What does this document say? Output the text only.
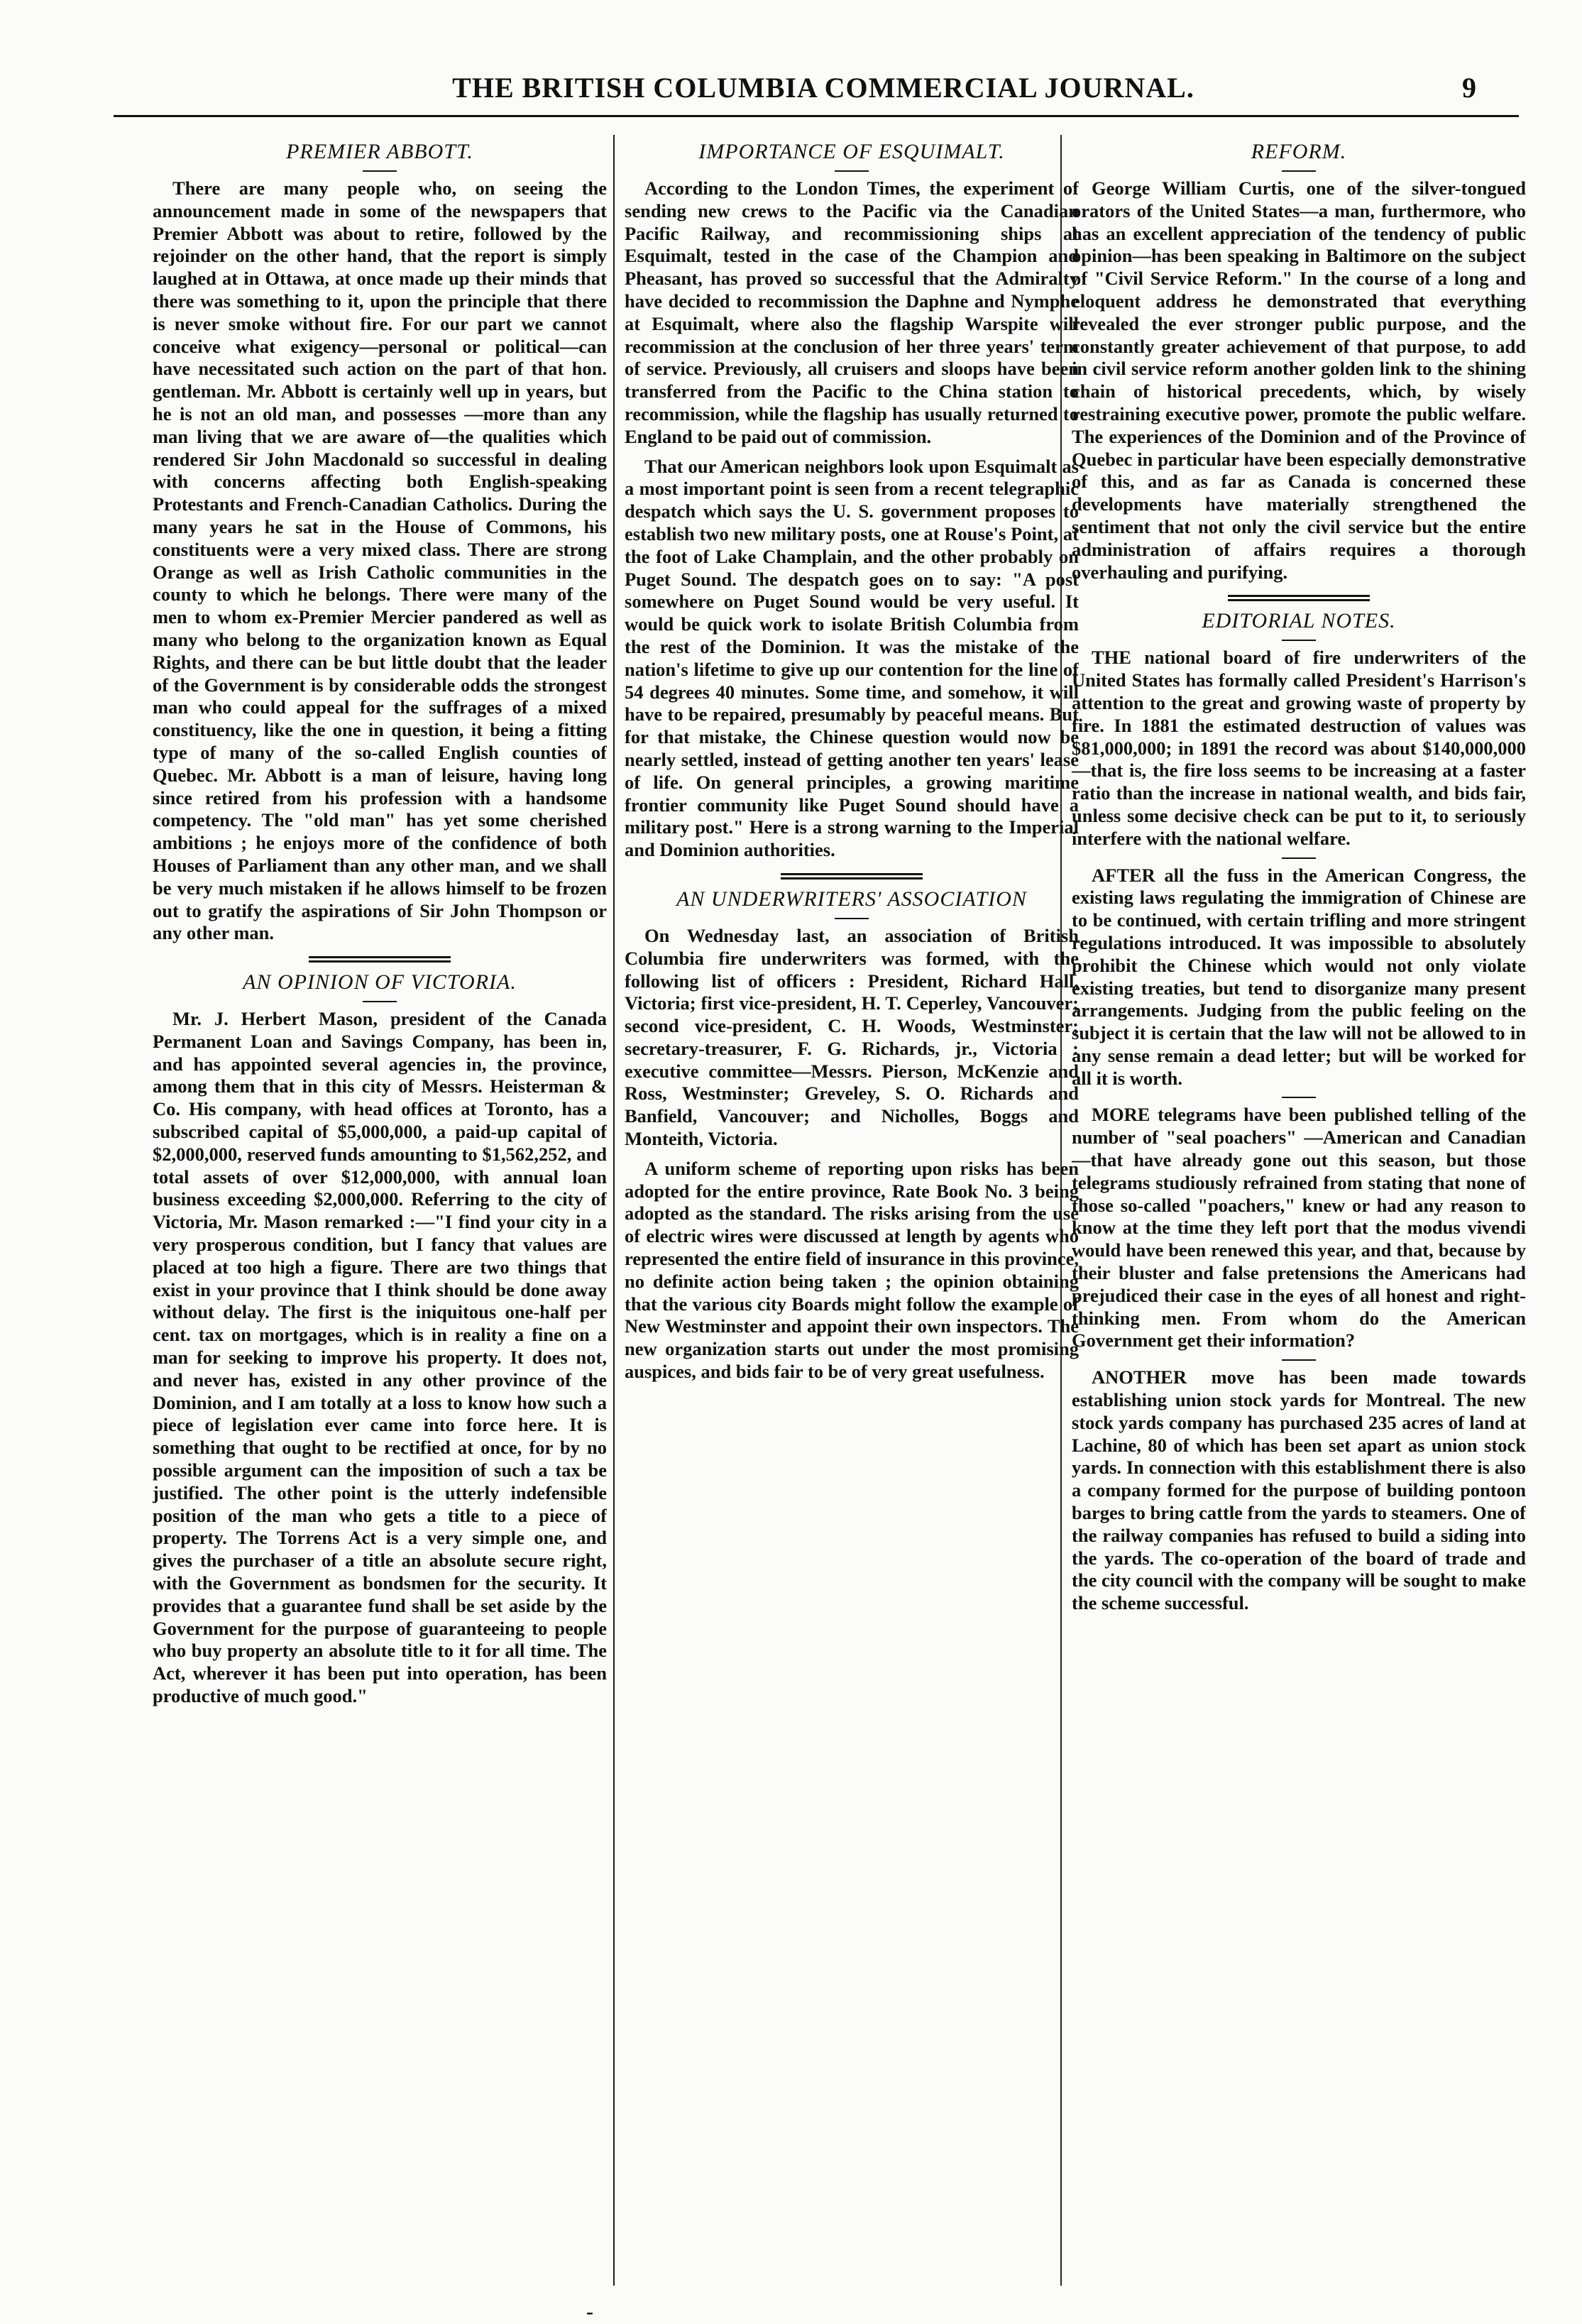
THE BRITISH COLUMBIA COMMERCIAL JOURNAL.	9
PREMIER ABBOTT.

There are many people who, on seeing the announcement made in some of the newspapers that Premier Abbott was about to retire, followed by the rejoinder on the other hand, that the report is simply laughed at in Ottawa, at once made up their minds that there was something to it, upon the principle that there is never smoke without fire. For our part we cannot conceive what exigency—personal or political—can have necessitated such action on the part of that hon. gentleman. Mr. Abbott is certainly well up in years, but he is not an old man, and possesses —more than any man living that we are aware of—the qualities which rendered Sir John Macdonald so successful in dealing with concerns affecting both English-speaking Protestants and French-Canadian Catholics. During the many years he sat in the House of Commons, his constituents were a very mixed class. There are strong Orange as well as Irish Catholic communities in the county to which he belongs. There were many of the men to whom ex-Premier Mercier pandered as well as many who belong to the organization known as Equal Rights, and there can be but little doubt that the leader of the Government is by considerable odds the strongest man who could appeal for the suffrages of a mixed constituency, like the one in question, it being a fitting type of many of the so-called English counties of Quebec. Mr. Abbott is a man of leisure, having long since retired from his profession with a handsome competency. The "old man" has yet some cherished ambitions ; he enjoys more of the confidence of both Houses of Parliament than any other man, and we shall be very much mistaken if he allows himself to be frozen out to gratify the aspirations of Sir John Thompson or any other man.

AN OPINION OF VICTORIA.

Mr. J. Herbert Mason, president of the Canada Permanent Loan and Savings Company, has been in, and has appointed several agencies in, the province, among them that in this city of Messrs. Heisterman & Co. His company, with head offices at Toronto, has a subscribed capital of $5,000,000, a paid-up capital of $2,000,000, reserved funds amounting to $1,562,252, and total assets of over $12,000,000, with annual loan business exceeding $2,000,000. Referring to the city of Victoria, Mr. Mason remarked :—"I find your city in a very prosperous condition, but I fancy that values are placed at too high a figure. There are two things that exist in your province that I think should be done away without delay. The first is the iniquitous one-half per cent. tax on mortgages, which is in reality a fine on a man for seeking to improve his property. It does not, and never has, existed in any other province of the Dominion, and I am totally at a loss to know how such a piece of legislation ever came into force here. It is something that ought to be rectified at once, for by no possible argument can the imposition of such a tax be justified. The other point is the utterly indefensible position of the man who gets a title to a piece of property. The Torrens Act is a very simple one, and gives the purchaser of a title an absolute secure right, with the Government as bondsmen for the security. It provides that a guarantee fund shall be set aside by the Government for the purpose of guaranteeing to people who buy property an absolute title to it for all time. The Act, wherever it has been put into operation, has been productive of much good."

IMPORTANCE OF ESQUIMALT.

According to the London Times, the experiment of sending new crews to the Pacific via the Canadian Pacific Railway, and recommissioning ships at Esquimalt, tested in the case of the Champion and Pheasant, has proved so successful that the Admiralty have decided to recommission the Daphne and Nymphe at Esquimalt, where also the flagship Warspite will recommission at the conclusion of her three years' term of service. Previously, all cruisers and sloops have been transferred from the Pacific to the China station to recommission, while the flagship has usually returned to England to be paid out of commission.

That our American neighbors look upon Esquimalt as a most important point is seen from a recent telegraphic despatch which says the U. S. government proposes to establish two new military posts, one at Rouse's Point, at the foot of Lake Champlain, and the other probably on Puget Sound. The despatch goes on to say: "A post somewhere on Puget Sound would be very useful. It would be quick work to isolate British Columbia from the rest of the Dominion. It was the mistake of the nation's lifetime to give up our contention for the line of 54 degrees 40 minutes. Some time, and somehow, it will have to be repaired, presumably by peaceful means. But for that mistake, the Chinese question would now be nearly settled, instead of getting another ten years' lease of life. On general principles, a growing maritime frontier community like Puget Sound should have a military post." Here is a strong warning to the Imperial and Dominion authorities.

AN UNDERWRITERS' ASSOCIATION

On Wednesday last, an association of British Columbia fire underwriters was formed, with the following list of officers : President, Richard Hall, Victoria; first vice-president, H. T. Ceperley, Vancouver; second vice-president, C. H. Woods, Westminster; secretary-treasurer, F. G. Richards, jr., Victoria : executive committee—Messrs. Pierson, McKenzie and Ross, Westminster; Greveley, S. O. Richards and Banfield, Vancouver; and Nicholles, Boggs and Monteith, Victoria.

A uniform scheme of reporting upon risks has been adopted for the entire province, Rate Book No. 3 being adopted as the standard. The risks arising from the use of electric wires were discussed at length by agents who represented the entire field of insurance in this province, no definite action being taken ; the opinion obtaining that the various city Boards might follow the example of New Westminster and appoint their own inspectors. The new organization starts out under the most promising auspices, and bids fair to be of very great usefulness.

REFORM.

George William Curtis, one of the silver-tongued orators of the United States—a man, furthermore, who has an excellent appreciation of the tendency of public opinion—has been speaking in Baltimore on the subject of "Civil Service Reform." In the course of a long and eloquent address he demonstrated that everything revealed the ever stronger public purpose, and the constantly greater achievement of that purpose, to add in civil service reform another golden link to the shining chain of historical precedents, which, by wisely restraining executive power, promote the public welfare. The experiences of the Dominion and of the Province of Quebec in particular have been especially demonstrative of this, and as far as Canada is concerned these developments have materially strengthened the sentiment that not only the civil service but the entire administration of affairs requires a thorough overhauling and purifying.

EDITORIAL NOTES.

THE national board of fire underwriters of the United States has formally called President's Harrison's attention to the great and growing waste of property by fire. In 1881 the estimated destruction of values was $81,000,000; in 1891 the record was about $140,000,000—that is, the fire loss seems to be increasing at a faster ratio than the increase in national wealth, and bids fair, unless some decisive check can be put to it, to seriously interfere with the national welfare.

AFTER all the fuss in the American Congress, the existing laws regulating the immigration of Chinese are to be continued, with certain trifling and more stringent regulations introduced. It was impossible to absolutely prohibit the Chinese which would not only violate existing treaties, but tend to disorganize many present arrangements. Judging from the public feeling on the subject it is certain that the law will not be allowed to in any sense remain a dead letter; but will be worked for all it is worth.

MORE telegrams have been published telling of the number of "seal poachers" —American and Canadian—that have already gone out this season, but those telegrams studiously refrained from stating that none of those so-called "poachers," knew or had any reason to know at the time they left port that the modus vivendi would have been renewed this year, and that, because by their bluster and false pretensions the Americans had prejudiced their case in the eyes of all honest and right-thinking men. From whom do the American Government get their information?

ANOTHER move has been made towards establishing union stock yards for Montreal. The new stock yards company has purchased 235 acres of land at Lachine, 80 of which has been set apart as union stock yards. In connection with this establishment there is also a company formed for the purpose of building pontoon barges to bring cattle from the yards to steamers. One of the railway companies has refused to build a siding into the yards. The co-operation of the board of trade and the city council with the company will be sought to make the scheme successful.

-
